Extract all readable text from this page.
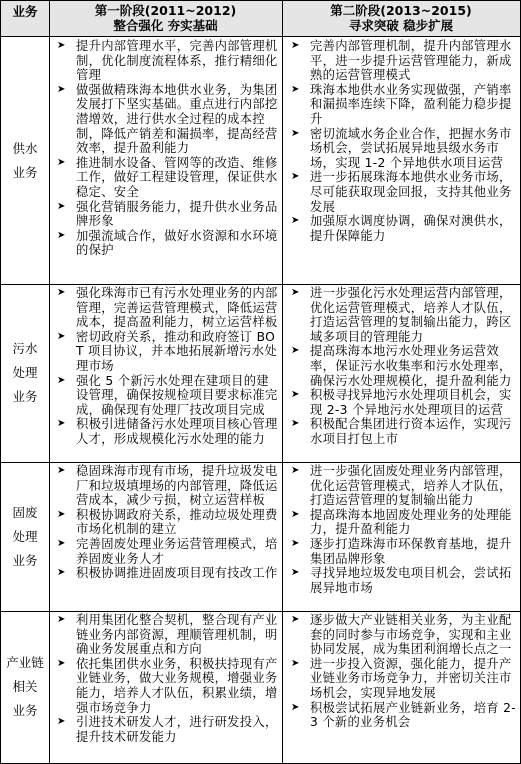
业务	第一阶段(2011~2012)
整合强化 夯实基础
第二阶段(2013~2015)
寻求突破 稳步扩展
供水
业务
➤ 提升内部管理水平，完善内部管理机制，优化制度流程体系，推行精细化管理
➤ 做强做精珠海本地供水业务，为集团发展打下坚实基础。重点进行内部挖潜增效，进行供水全过程的成本控制，降低产销差和漏损率，提高经营效率，提升盈利能力
➤ 推进制水设备、管网等的改造、维修工作，做好工程建设管理，保证供水稳定、安全
➤ 强化营销服务能力，提升供水业务品牌形象
➤ 加强流域合作，做好水资源和水环境的保护
➤ 完善内部管理机制，提升内部管理水平，进一步提升运营管理能力，新成熟的运营管理模式
➤ 珠海本地供水业务实现做强，产销率和漏损率连续下降，盈利能力稳步提升
➤ 密切流域水务企业合作，把握水务市场机会，尝试拓展异地县级水务市场，实现 1-2 个异地供水项目运营
➤ 进一步拓展珠海本地供水业务市场，尽可能获取现金回报，支持其他业务发展
➤ 加强原水调度协调，确保对澳供水，提升保障能力
污水
处理
业务
➤ 强化珠海市已有污水处理业务的内部管理，完善运营管理模式，降低运营成本，提高盈利能力，树立运营样板
➤ 密切政府关系，推动和政府签订 BOT 项目协议，并本地拓展新增污水处理市场
➤ 强化 5 个新污水处理在建项目的建设管理，确保按规检项目要求标准完成，确保现有处理厂技改项目完成
➤ 积极引进储备污水处理项目核心管理人才，形成规模化污水处理的能力
➤ 进一步强化污水处理运营内部管理，优化运营管理模式，培养人才队伍，打造运营管理的复制输出能力，跨区域多项目的管理能力
➤ 提高珠海本地污水处理业务运营效率，保证污水收集率和污水处理率，确保污水处理规模化，提升盈利能力
➤ 积极寻找异地污水处理项目机会，实现 2-3 个异地污水处理项目的运营
➤ 积极配合集团进行资本运作，实现污水项目打包上市
固废
处理
业务
➤ 稳固珠海市现有市场，提升垃圾发电厂和垃圾填埋场的内部管理，降低运营成本，减少亏损，树立运营样板
➤ 积极协调政府关系，推动垃圾处理费市场化机制的建立
➤ 完善固废处理业务运营管理模式，培养固废业务人才
➤ 积极协调推进固废项目现有技改工作
➤ 进一步强化固废处理业务内部管理，优化运营管理模式，培养人才队伍，打造运营管理的复制输出能力
➤ 提高珠海本地固废处理业务的处理能力，提升盈利能力
➤ 逐步打造珠海市环保教育基地，提升集团品牌形象
➤ 寻找异地垃圾发电项目机会，尝试拓展异地市场
产业链
相关
业务
➤ 利用集团化整合契机，整合现有产业链业务内部资源，理顺管理机制，明确业务发展重点和方向
➤ 依托集团供水业务，积极扶持现有产业链业务，做大业务规模，增强业务能力，培养人才队伍，积累业绩，增强市场竞争力
➤ 引进技术研发人才，进行研发投入，提升技术研发能力
➤ 逐步做大产业链相关业务，为主业配套的同时参与市场竞争，实现和主业协同发展，成为集团利润增长点之一
➤ 进一步投入资源，强化能力，提升产业链业务市场竞争力，并密切关注市场机会，实现异地发展
➤ 积极尝试拓展产业链新业务，培育 2-3 个新的业务机会
